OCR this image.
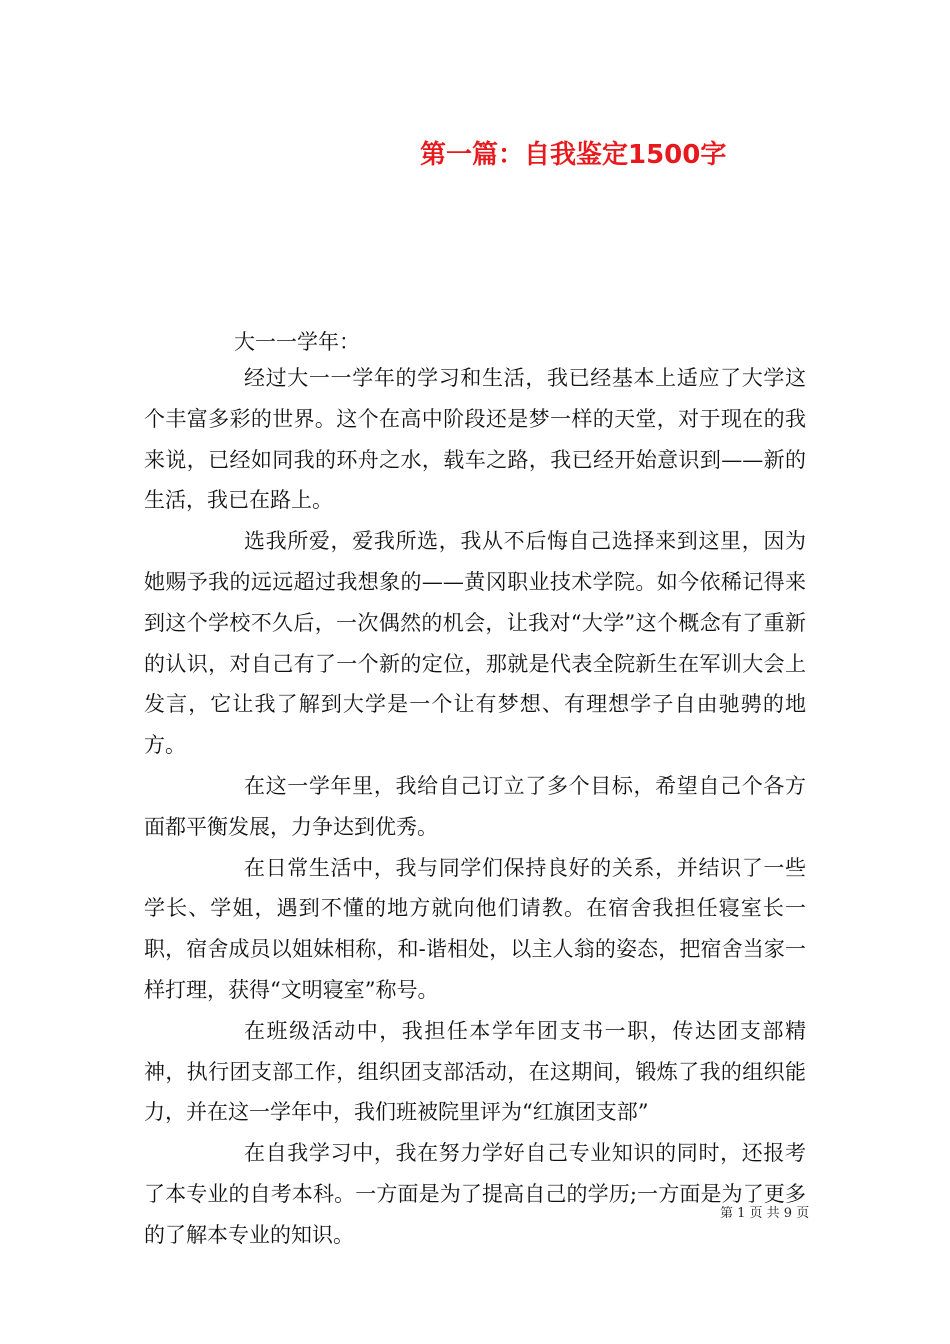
第一篇：自我鉴定1500字
大一一学年：

经过大一一学年的学习和生活，我已经基本上适应了大学这个丰富多彩的世界。这个在高中阶段还是梦一样的天堂，对于现在的我来说，已经如同我的环舟之水，载车之路，我已经开始意识到——新的生活，我已在路上。

选我所爱，爱我所选，我从不后悔自己选择来到这里，因为她赐予我的远远超过我想象的——黄冈职业技术学院。如今依稀记得来到这个学校不久后，一次偶然的机会，让我对“大学”这个概念有了重新的认识，对自己有了一个新的定位，那就是代表全院新生在军训大会上发言，它让我了解到大学是一个让有梦想、有理想学子自由驰骋的地方。

在这一学年里，我给自己订立了多个目标，希望自己个各方面都平衡发展，力争达到优秀。

在日常生活中，我与同学们保持良好的关系，并结识了一些学长、学姐，遇到不懂的地方就向他们请教。在宿舍我担任寝室长一职，宿舍成员以姐妹相称，和-谐相处，以主人翁的姿态，把宿舍当家一样打理，获得“文明寝室”称号。

在班级活动中，我担任本学年团支书一职，传达团支部精神，执行团支部工作，组织团支部活动，在这期间，锻炼了我的组织能力，并在这一学年中，我们班被院里评为“红旗团支部”

在自我学习中，我在努力学好自己专业知识的同时，还报考了本专业的自考本科。一方面是为了提高自己的学历;一方面是为了更多的了解本专业的知识。

第 1 页 共 9 页
